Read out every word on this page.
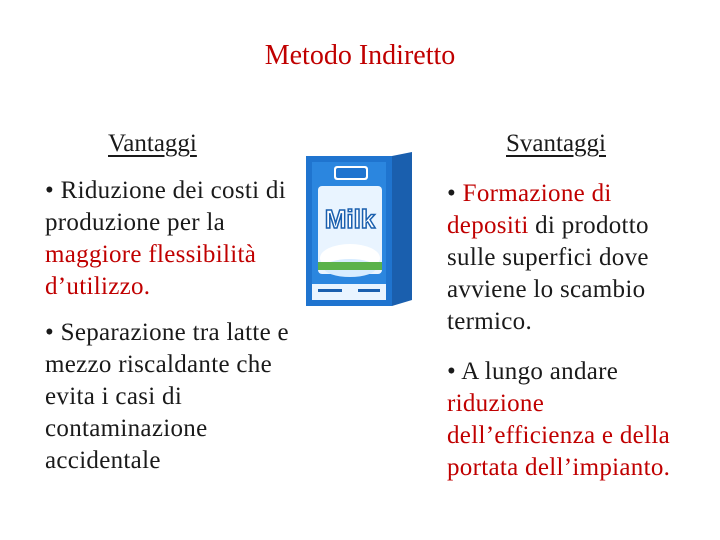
Metodo Indiretto
Vantaggi	Svantaggi
• Riduzione dei costi di produzione per la maggiore flessibilità d’utilizzo.
• Separazione tra latte e mezzo riscaldante che evita i casi di contaminazione accidentale
• Formazione di depositi di prodotto sulle superfici dove avviene lo scambio termico.
• A lungo andare riduzione dell’efficienza e della portata dell’impianto.
Milk
